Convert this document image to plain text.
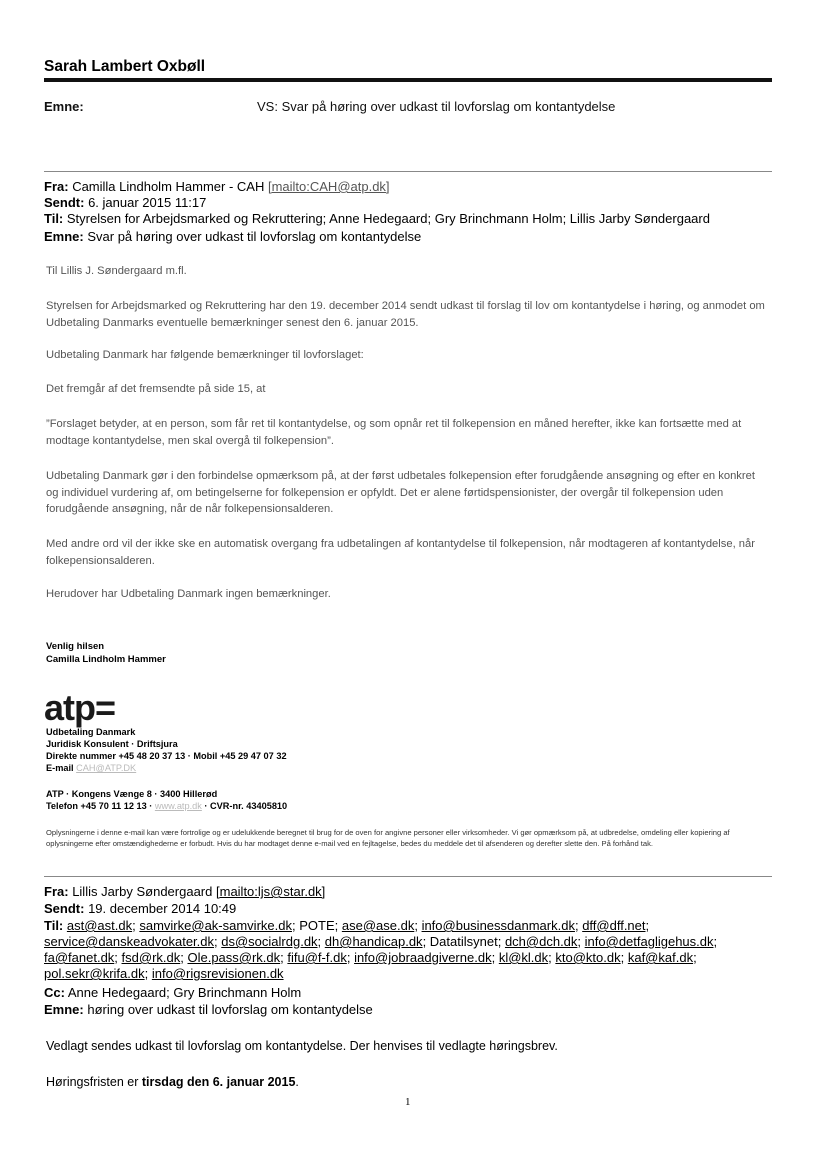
Sarah Lambert Oxbøll
Emne:	VS: Svar på høring over udkast til lovforslag om kontantydelse
Fra: Camilla Lindholm Hammer - CAH [mailto:CAH@atp.dk]
Sendt: 6. januar 2015 11:17
Til: Styrelsen for Arbejdsmarked og Rekruttering; Anne Hedegaard; Gry Brinchmann Holm; Lillis Jarby Søndergaard
Emne: Svar på høring over udkast til lovforslag om kontantydelse
Til Lillis J. Søndergaard m.fl.
Styrelsen for Arbejdsmarked og Rekruttering har den 19. december 2014 sendt udkast til forslag til lov om kontantydelse i høring, og anmodet om Udbetaling Danmarks eventuelle bemærkninger senest den 6. januar 2015.
Udbetaling Danmark har følgende bemærkninger til lovforslaget:
Det fremgår af det fremsendte på side 15, at
”Forslaget betyder, at en person, som får ret til kontantydelse, og som opnår ret til folkepension en måned herefter, ikke kan fortsætte med at modtage kontantydelse, men skal overgå til folkepension”.
Udbetaling Danmark gør i den forbindelse opmærksom på, at der først udbetales folkepension efter forudgående ansøgning og efter en konkret og individuel vurdering af, om betingelserne for folkepension er opfyldt. Det er alene førtidspensionister, der overgår til folkepension uden forudgående ansøgning, når de når folkepensionsalderen.
Med andre ord vil der ikke ske en automatisk overgang fra udbetalingen af kontantydelse til folkepension, når modtageren af kontantydelse, når folkepensionsalderen.
Herudover har Udbetaling Danmark ingen bemærkninger.
Venlig hilsen
Camilla Lindholm Hammer
atp=
Udbetaling Danmark
Juridisk Konsulent · Driftsjura
Direkte nummer +45 48 20 37 13 · Mobil +45 29 47 07 32
E-mail CAH@ATP.DK
ATP · Kongens Vænge 8 · 3400 Hillerød
Telefon +45 70 11 12 13 · www.atp.dk · CVR-nr. 43405810
Oplysningerne i denne e-mail kan være fortrolige og er udelukkende beregnet til brug for de oven for angivne personer eller virksomheder. Vi gør opmærksom på, at udbredelse, omdeling eller kopiering af oplysningerne efter omstændighederne er forbudt. Hvis du har modtaget denne e-mail ved en fejltagelse, bedes du meddele det til afsenderen og derefter slette den. På forhånd tak.
Fra: Lillis Jarby Søndergaard [mailto:ljs@star.dk]
Sendt: 19. december 2014 10:49
Til: ast@ast.dk; samvirke@ak-samvirke.dk; POTE; ase@ase.dk; info@businessdanmark.dk; dff@dff.net; service@danskeadvokater.dk; ds@socialrdg.dk; dh@handicap.dk; Datatilsynet; dch@dch.dk; info@detfagligehus.dk; fa@fanet.dk; fsd@rk.dk; Ole.pass@rk.dk; fifu@f-f.dk; info@jobraadgiverne.dk; kl@kl.dk; kto@kto.dk; kaf@kaf.dk; pol.sekr@krifa.dk; info@rigsrevisionen.dk
Cc: Anne Hedegaard; Gry Brinchmann Holm
Emne: høring over udkast til lovforslag om kontantydelse
Vedlagt sendes udkast til lovforslag om kontantydelse. Der henvises til vedlagte høringsbrev.
Høringsfristen er tirsdag den 6. januar 2015.
1
